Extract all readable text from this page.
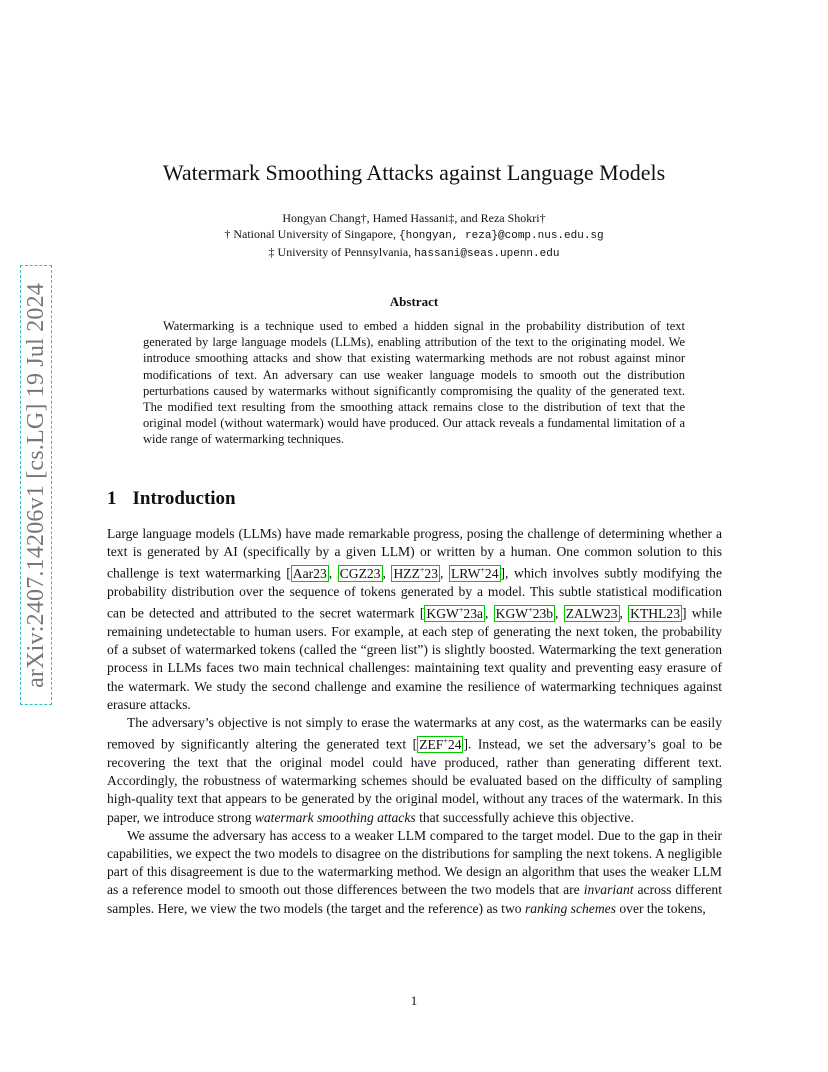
arXiv:2407.14206v1 [cs.LG] 19 Jul 2024
Watermark Smoothing Attacks against Language Models
Hongyan Chang†, Hamed Hassani‡, and Reza Shokri†
† National University of Singapore, {hongyan, reza}@comp.nus.edu.sg
‡ University of Pennsylvania, hassani@seas.upenn.edu
Abstract

Watermarking is a technique used to embed a hidden signal in the probability distribution of text generated by large language models (LLMs), enabling attribution of the text to the originating model. We introduce smoothing attacks and show that existing watermarking methods are not robust against minor modifications of text. An adversary can use weaker language models to smooth out the distribution perturbations caused by watermarks without significantly compromising the quality of the generated text. The modified text resulting from the smoothing attack remains close to the distribution of text that the original model (without watermark) would have produced. Our attack reveals a fundamental limitation of a wide range of watermarking techniques.

1 Introduction

Large language models (LLMs) have made remarkable progress, posing the challenge of determining whether a text is generated by AI (specifically by a given LLM) or written by a human. One common solution to this challenge is text watermarking [ Aar23 , CGZ23 , HZZ+23 , LRW+24 ], which involves subtly modifying the probability distribution over the sequence of tokens generated by a model. This subtle statistical modification can be detected and attributed to the secret watermark [ KGW+23a , KGW+23b , ZALW23 , KTHL23 ] while remaining undetectable to human users. For example, at each step of generating the next token, the probability of a subset of watermarked tokens (called the “green list”) is slightly boosted. Watermarking the text generation process in LLMs faces two main technical challenges: maintaining text quality and preventing easy erasure of the watermark. We study the second challenge and examine the resilience of watermarking techniques against erasure attacks.

The adversary’s objective is not simply to erase the watermarks at any cost, as the watermarks can be easily removed by significantly altering the generated text [ ZEF+24 ]. Instead, we set the adversary’s goal to be recovering the text that the original model could have produced, rather than generating different text. Accordingly, the robustness of watermarking schemes should be evaluated based on the difficulty of sampling high-quality text that appears to be generated by the original model, without any traces of the watermark. In this paper, we introduce strong watermark smoothing attacks that successfully achieve this objective.

We assume the adversary has access to a weaker LLM compared to the target model. Due to the gap in their capabilities, we expect the two models to disagree on the distributions for sampling the next tokens. A negligible part of this disagreement is due to the watermarking method. We design an algorithm that uses the weaker LLM as a reference model to smooth out those differences between the two models that are invariant across different samples. Here, we view the two models (the target and the reference) as two ranking schemes over the tokens,

1
